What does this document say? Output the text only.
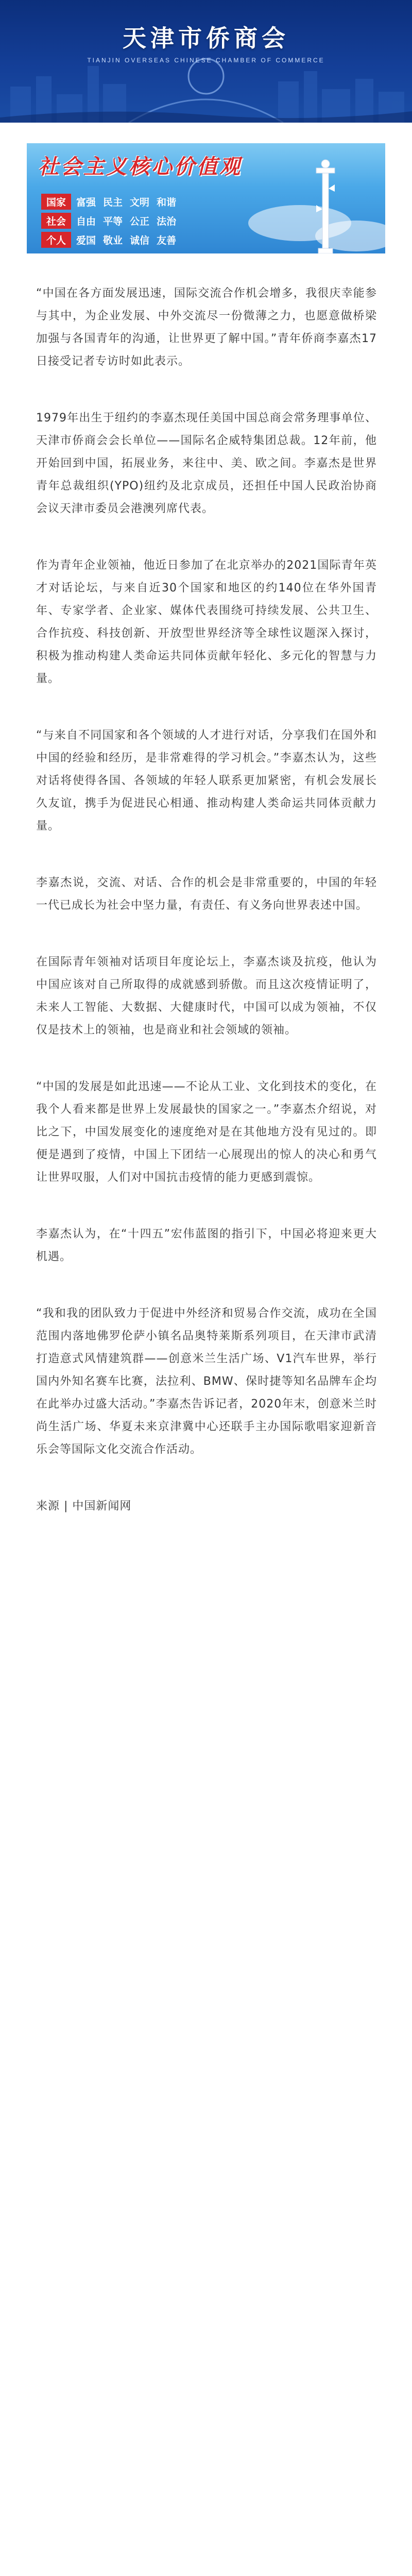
天津市侨商会
TIANJIN OVERSEAS CHINESE CHAMBER OF COMMERCE
社会主义核心价值观
国家	富强	民主	文明	和谐
社会	自由	平等	公正	法治
个人	爱国	敬业	诚信	友善

“中国在各方面发展迅速，国际交流合作机会增多，我很庆幸能参与其中，为企业发展、中外交流尽一份微薄之力，也愿意做桥梁加强与各国青年的沟通，让世界更了解中国。”青年侨商李嘉杰17日接受记者专访时如此表示。

1979年出生于纽约的李嘉杰现任美国中国总商会常务理事单位、天津市侨商会会长单位——国际名企威特集团总裁。12年前，他开始回到中国，拓展业务，来往中、美、欧之间。李嘉杰是世界青年总裁组织(YPO)纽约及北京成员，还担任中国人民政治协商会议天津市委员会港澳列席代表。

作为青年企业领袖，他近日参加了在北京举办的2021国际青年英才对话论坛，与来自近30个国家和地区的约140位在华外国青年、专家学者、企业家、媒体代表围绕可持续发展、公共卫生、合作抗疫、科技创新、开放型世界经济等全球性议题深入探讨，积极为推动构建人类命运共同体贡献年轻化、多元化的智慧与力量。

“与来自不同国家和各个领域的人才进行对话，分享我们在国外和中国的经验和经历，是非常难得的学习机会。”李嘉杰认为，这些对话将使得各国、各领域的年轻人联系更加紧密，有机会发展长久友谊，携手为促进民心相通、推动构建人类命运共同体贡献力量。

李嘉杰说，交流、对话、合作的机会是非常重要的，中国的年轻一代已成长为社会中坚力量，有责任、有义务向世界表述中国。

在国际青年领袖对话项目年度论坛上，李嘉杰谈及抗疫，他认为中国应该对自己所取得的成就感到骄傲。而且这次疫情证明了，未来人工智能、大数据、大健康时代，中国可以成为领袖，不仅仅是技术上的领袖，也是商业和社会领域的领袖。

“中国的发展是如此迅速——不论从工业、文化到技术的变化，在我个人看来都是世界上发展最快的国家之一。”李嘉杰介绍说，对比之下，中国发展变化的速度绝对是在其他地方没有见过的。即便是遇到了疫情，中国上下团结一心展现出的惊人的决心和勇气让世界叹服，人们对中国抗击疫情的能力更感到震惊。

李嘉杰认为，在“十四五”宏伟蓝图的指引下，中国必将迎来更大机遇。

“我和我的团队致力于促进中外经济和贸易合作交流，成功在全国范围内落地佛罗伦萨小镇名品奥特莱斯系列项目，在天津市武清打造意式风情建筑群——创意米兰生活广场、V1汽车世界，举行国内外知名赛车比赛，法拉利、BMW、保时捷等知名品牌车企均在此举办过盛大活动。”李嘉杰告诉记者，2020年末，创意米兰时尚生活广场、华夏未来京津冀中心还联手主办国际歌唱家迎新音乐会等国际文化交流合作活动。

来源 | 中国新闻网
